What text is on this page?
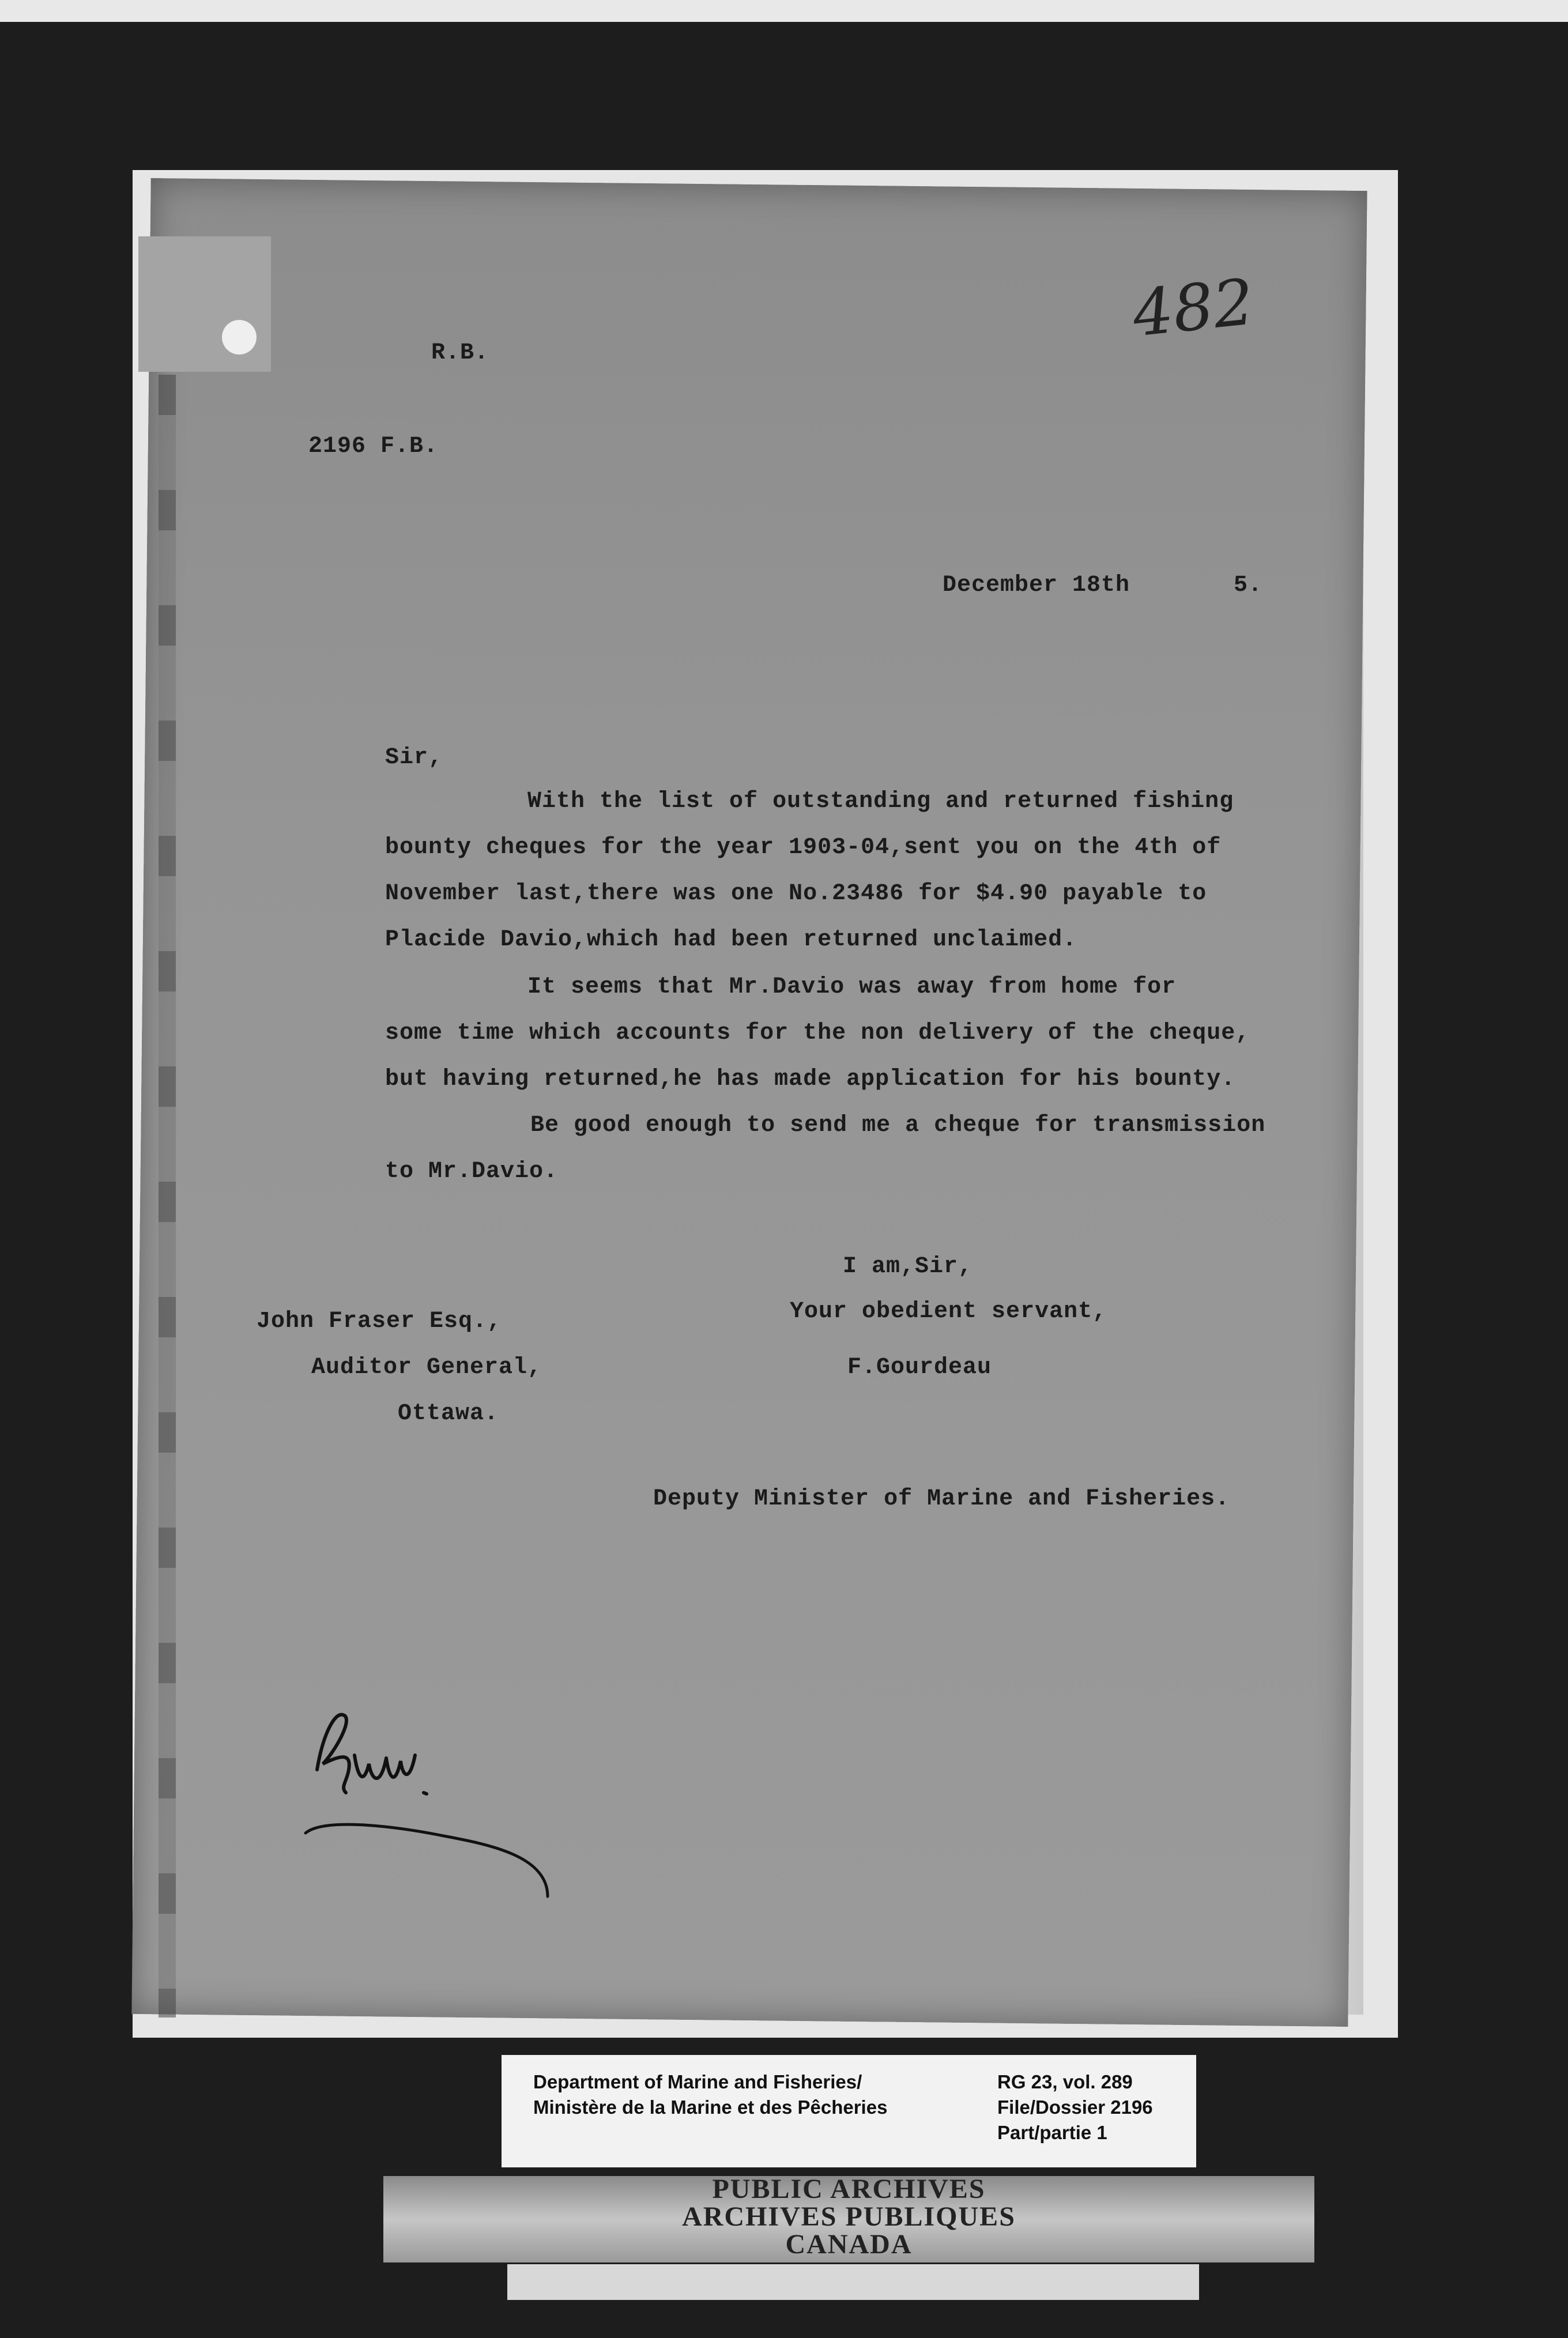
482
R.B.
2196 F.B.
December 18th	5.
Sir,
With the list of outstanding and returned fishing
bounty cheques for the year 1903-04,sent you on the 4th of
November last,there was one No.23486 for $4.90 payable to
Placide Davio,which had been returned unclaimed.
It seems that Mr.Davio was away from home for
some time which accounts for the non delivery of the cheque,
but having returned,he has made application for his bounty.
Be good enough to send me a cheque for transmission
to Mr.Davio.
I am,Sir,
Your obedient servant,
F.Gourdeau
John Fraser Esq.,
Auditor General,
Ottawa.
Deputy Minister of Marine and Fisheries.
Department of Marine and Fisheries/
Ministère de la Marine et des Pêcheries
RG 23, vol. 289
File/Dossier 2196
Part/partie 1
PUBLIC ARCHIVES
ARCHIVES PUBLIQUES
CANADA
